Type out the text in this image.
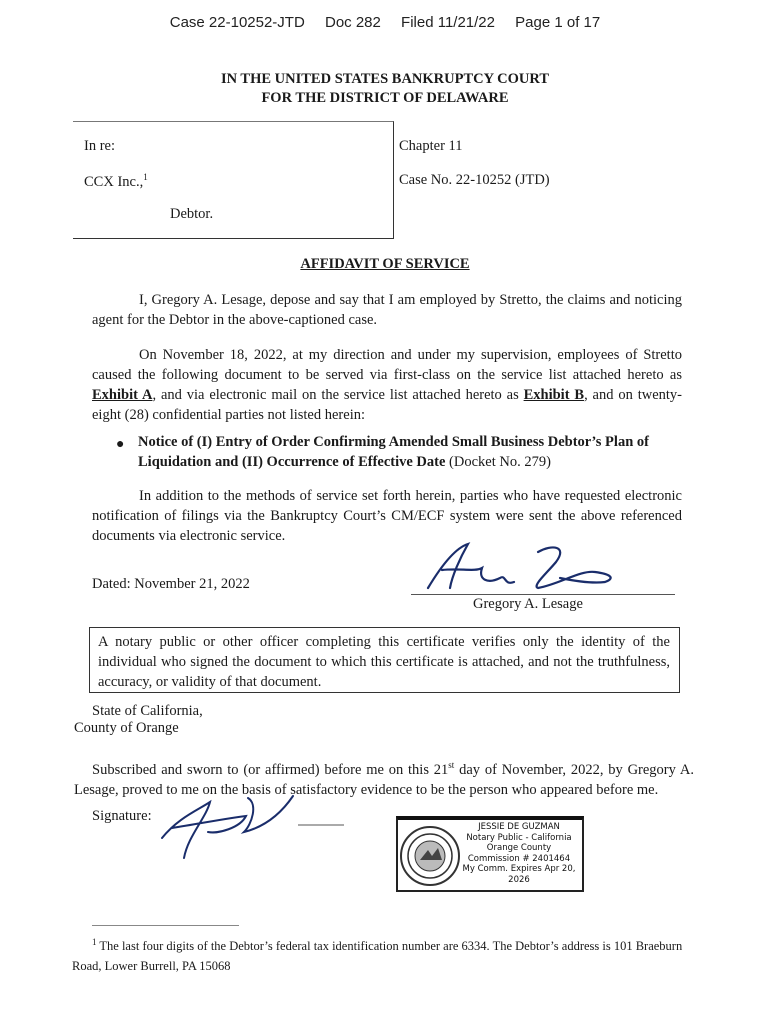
Case 22-10252-JTD Doc 282 Filed 11/21/22 Page 1 of 17
IN THE UNITED STATES BANKRUPTCY COURT
FOR THE DISTRICT OF DELAWARE
In re:
CCX Inc.,$^1$
Debtor.
Chapter 11
Case No. 22-10252 (JTD)
AFFIDAVIT OF SERVICE
I, Gregory A. Lesage, depose and say that I am employed by Stretto, the claims and noticing agent for the Debtor in the above-captioned case.
On November 18, 2022, at my direction and under my supervision, employees of Stretto caused the following document to be served via first-class on the service list attached hereto as Exhibit A, and via electronic mail on the service list attached hereto as Exhibit B, and on twenty-eight (28) confidential parties not listed herein:
● Notice of (I) Entry of Order Confirming Amended Small Business Debtor’s Plan of Liquidation and (II) Occurrence of Effective Date (Docket No. 279)
In addition to the methods of service set forth herein, parties who have requested electronic notification of filings via the Bankruptcy Court’s CM/ECF system were sent the above referenced documents via electronic service.
Dated: November 21, 2022
Gregory A. Lesage
A notary public or other officer completing this certificate verifies only the identity of the individual who signed the document to which this certificate is attached, and not the truthfulness, accuracy, or validity of that document.
State of California,
County of Orange
Subscribed and sworn to (or affirmed) before me on this 21st day of November, 2022, by Gregory A. Lesage, proved to me on the basis of satisfactory evidence to be the person who appeared before me.
Signature:
JESSIE DE GUZMAN
Notary Public - California
Orange County
Commission # 2401464
My Comm. Expires Apr 20, 2026
$^1$ The last four digits of the Debtor’s federal tax identification number are 6334. The Debtor’s address is 101 Braeburn Road, Lower Burrell, PA 15068
